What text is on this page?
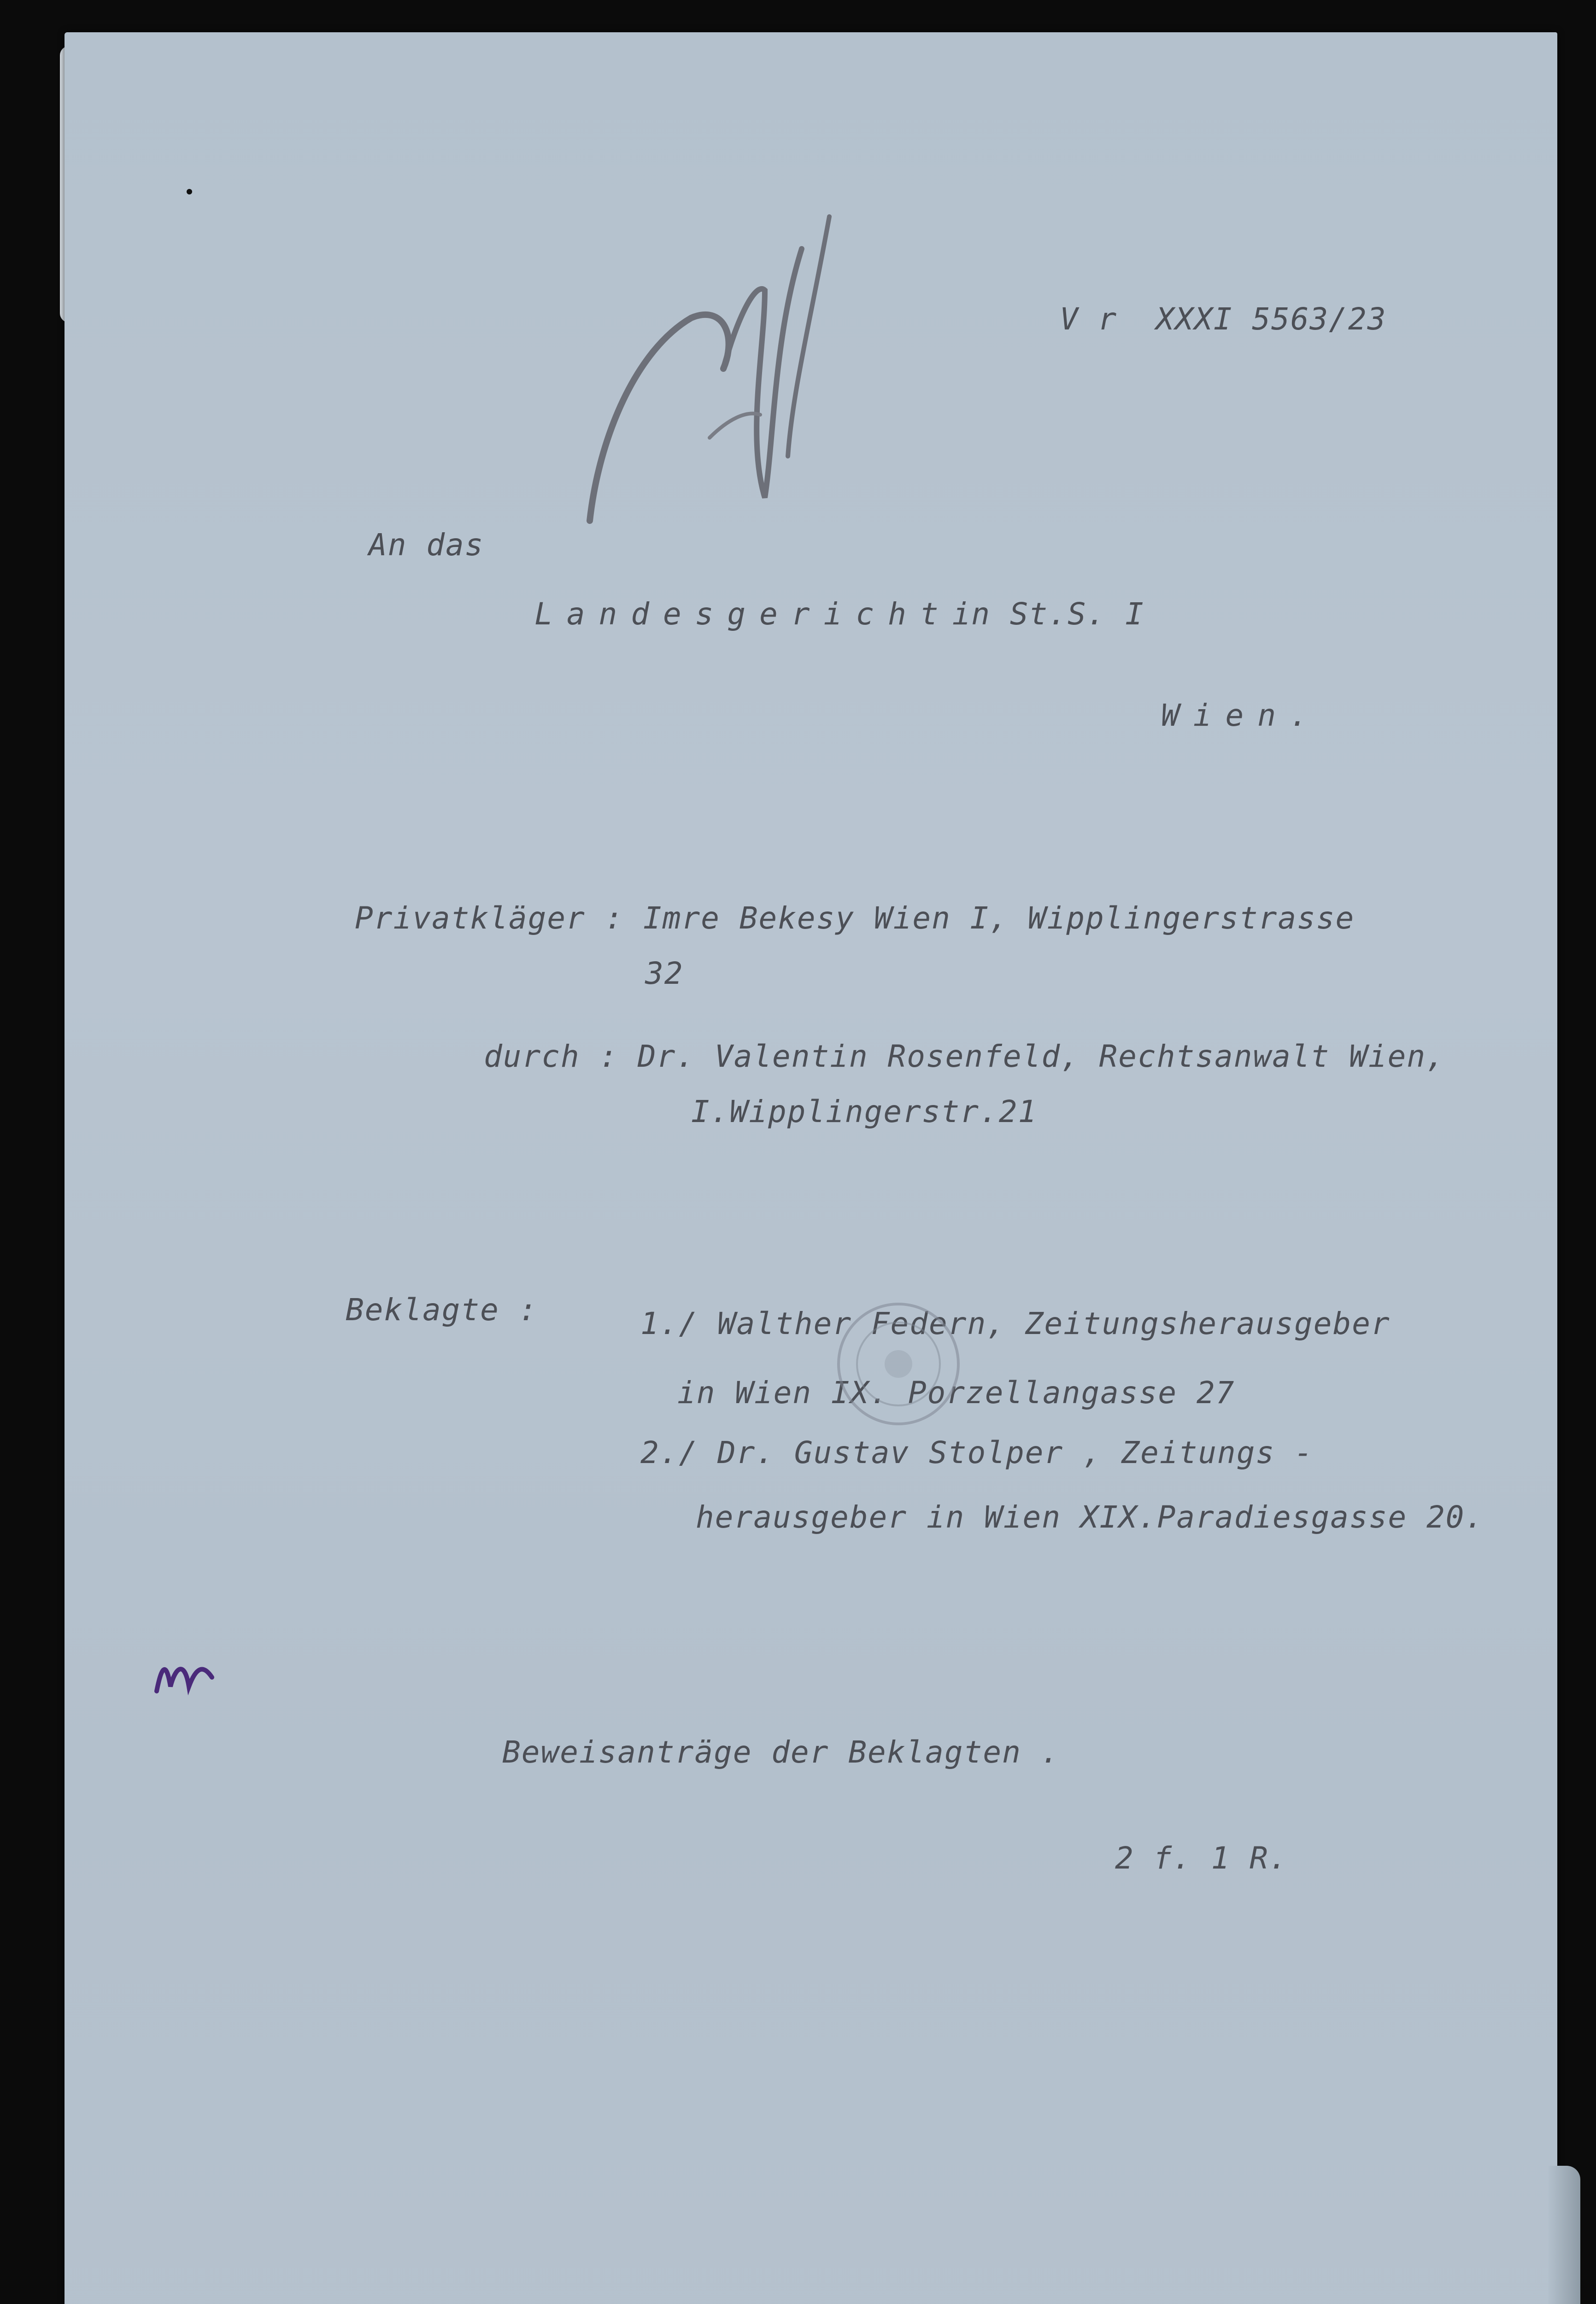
V r  XXXI 5563/23
An das
Landesgerichtin St.S. I
Wien.
Privatkläger : Imre Bekesy Wien I, Wipplingerstrasse
32
durch : Dr. Valentin Rosenfeld, Rechtsanwalt Wien,
I.Wipplingerstr.21
Beklagte :	1./ Walther Federn, Zeitungsherausgeber
in Wien IX. Porzellangasse 27
2./ Dr. Gustav Stolper , Zeitungs -
herausgeber in Wien XIX.Paradiesgasse 20.
Beweisanträge der Beklagten .
2 f. 1 R.
